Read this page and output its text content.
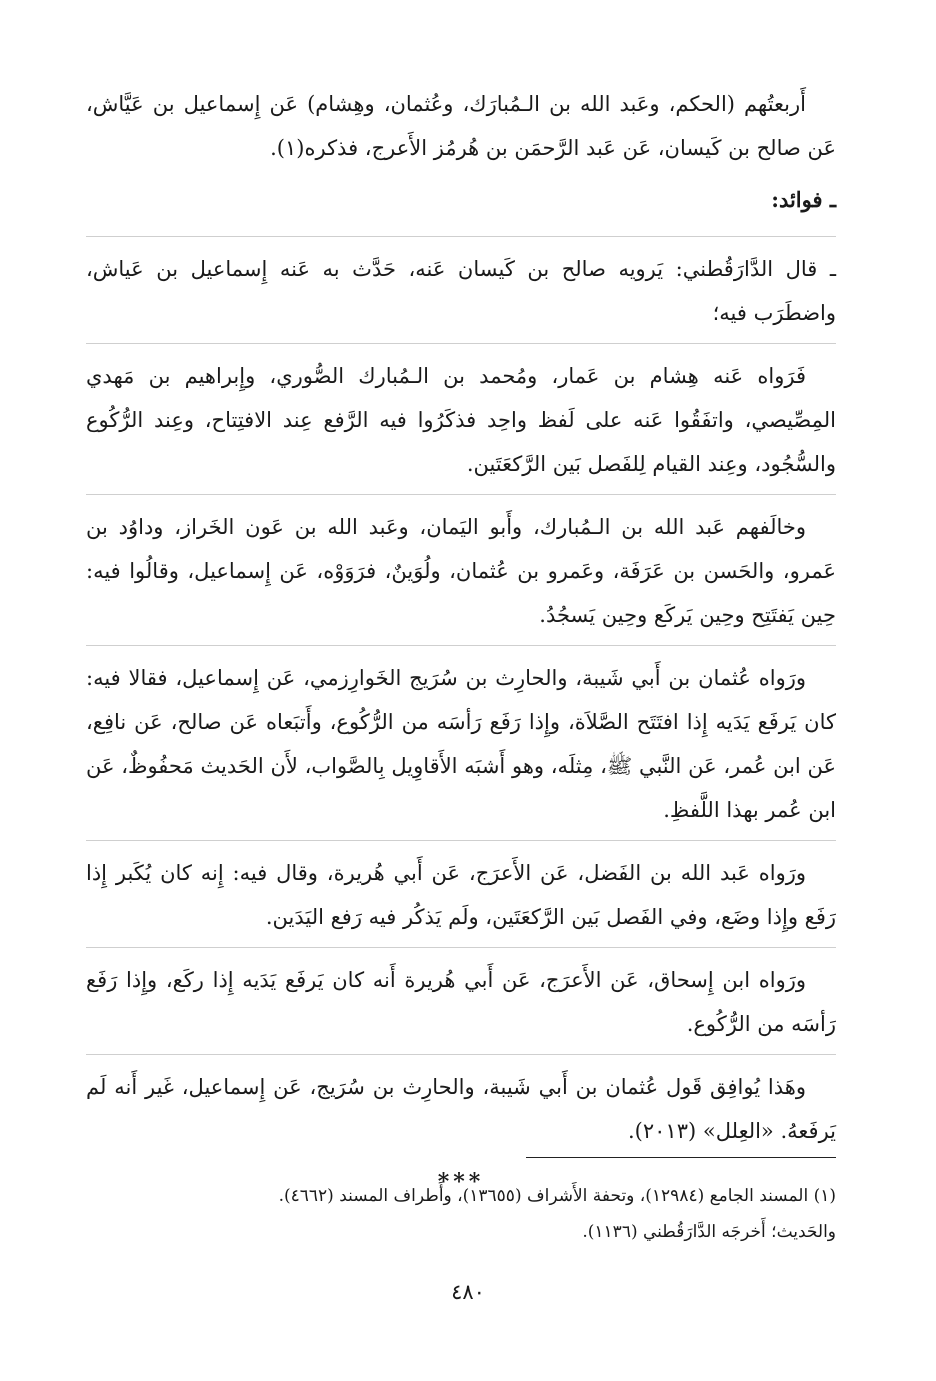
أَربعتُهم (الحكم، وعَبد الله بن الـمُبارَك، وعُثمان، وهِشام) عَن إِسماعيل بن عَيَّاش، عَن صالح بن كَيسان، عَن عَبد الرَّحمَن بن هُرمُز الأَعرج، فذكره(١).

ـ فوائد:

ـ قال الدَّارَقُطني: يَرويه صالح بن كَيسان عَنه، حَدَّث به عَنه إِسماعيل بن عَياش، واضطَرَب فيه؛

فَرَواه عَنه هِشام بن عَمار، ومُحمد بن الـمُبارك الصُّوري، وإِبراهيم بن مَهدي المِصِّيصي، واتفَقُوا عَنه على لَفظ واحِد فذكَرُوا فيه الرَّفع عِند الافتِتاح، وعِند الرُّكُوع والسُّجُود، وعِند القيام لِلفَصل بَين الرَّكعَتَين.

وخالَفهم عَبد الله بن الـمُبارك، وأَبو اليَمان، وعَبد الله بن عَون الخَراز، وداوُد بن عَمرو، والحَسن بن عَرَفَة، وعَمرو بن عُثمان، ولُوَينٌ، فرَوَوْه، عَن إِسماعيل، وقالُوا فيه: حِين يَفتَتِح وحِين يَركَع وحِين يَسجُدُ.

ورَواه عُثمان بن أَبي شَيبة، والحارِث بن سُرَيج الخَوارِزمي، عَن إِسماعيل، فقالا فيه: كان يَرفَع يَدَيه إِذا افتَتَح الصَّلاَة، وإِذا رَفَع رَأسَه من الرُّكُوع، وأَتبَعاه عَن صالح، عَن نافِع، عَن ابن عُمر، عَن النَّبي ﷺ، مِثلَه، وهو أَشبَه الأَقاوِيل بِالصَّواب، لأَن الحَديث مَحفُوظٌ، عَن ابن عُمر بهذا اللَّفظِ.

ورَواه عَبد الله بن الفَضل، عَن الأَعرَج، عَن أَبي هُريرة، وقال فيه: إِنه كان يُكَبر إِذا رَفَع وإِذا وضَع، وفي الفَصل بَين الرَّكعَتَين، ولَم يَذكُر فيه رَفع اليَدَين.

ورَواه ابن إِسحاق، عَن الأَعرَج، عَن أَبي هُريرة أَنه كان يَرفَع يَدَيه إِذا ركَع، وإِذا رَفَع رَأسَه من الرُّكُوع.

وهَذا يُوافِق قَول عُثمان بن أَبي شَيبة، والحارِث بن سُرَيج، عَن إِسماعيل، غَير أَنه لَم يَرفَعهُ. «العِلل» (٢٠١٣).

***

(١) المسند الجامع (١٢٩٨٤)، وتحفة الأَشراف (١٣٦٥٥)، وأَطراف المسند (٤٦٦٢).

والحَديث؛ أَخرجَه الدَّارَقُطني (١١٣٦).

٤٨٠
